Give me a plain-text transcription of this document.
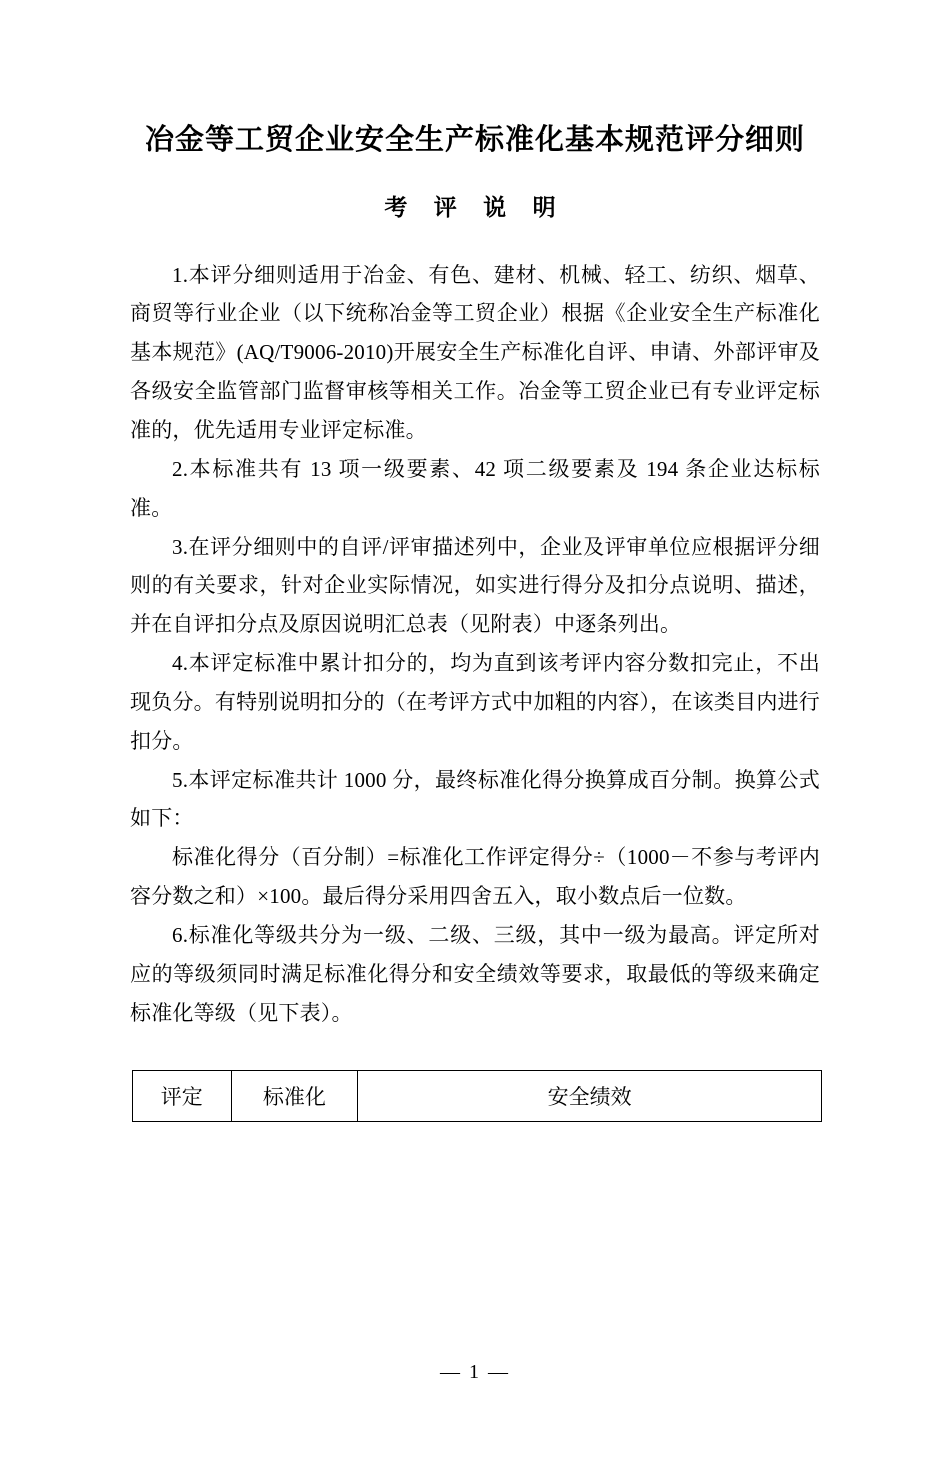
冶金等工贸企业安全生产标准化基本规范评分细则
考 评 说 明

1.本评分细则适用于冶金、有色、建材、机械、轻工、纺织、烟草、商贸等行业企业（以下统称冶金等工贸企业）根据《企业安全生产标准化基本规范》(AQ/T9006-2010)开展安全生产标准化自评、申请、外部评审及各级安全监管部门监督审核等相关工作。冶金等工贸企业已有专业评定标准的，优先适用专业评定标准。

2.本标准共有 13 项一级要素、42 项二级要素及 194 条企业达标标准。

3.在评分细则中的自评/评审描述列中，企业及评审单位应根据评分细则的有关要求，针对企业实际情况，如实进行得分及扣分点说明、描述，并在自评扣分点及原因说明汇总表（见附表）中逐条列出。

4.本评定标准中累计扣分的，均为直到该考评内容分数扣完止，不出现负分。有特别说明扣分的（在考评方式中加粗的内容），在该类目内进行扣分。

5.本评定标准共计 1000 分，最终标准化得分换算成百分制。换算公式如下：

标准化得分（百分制）=标准化工作评定得分÷（1000－不参与考评内容分数之和）×100。最后得分采用四舍五入，取小数点后一位数。

6.标准化等级共分为一级、二级、三级，其中一级为最高。评定所对应的等级须同时满足标准化得分和安全绩效等要求，取最低的等级来确定标准化等级（见下表）。

评定	标准化	安全绩效
— 1 —
